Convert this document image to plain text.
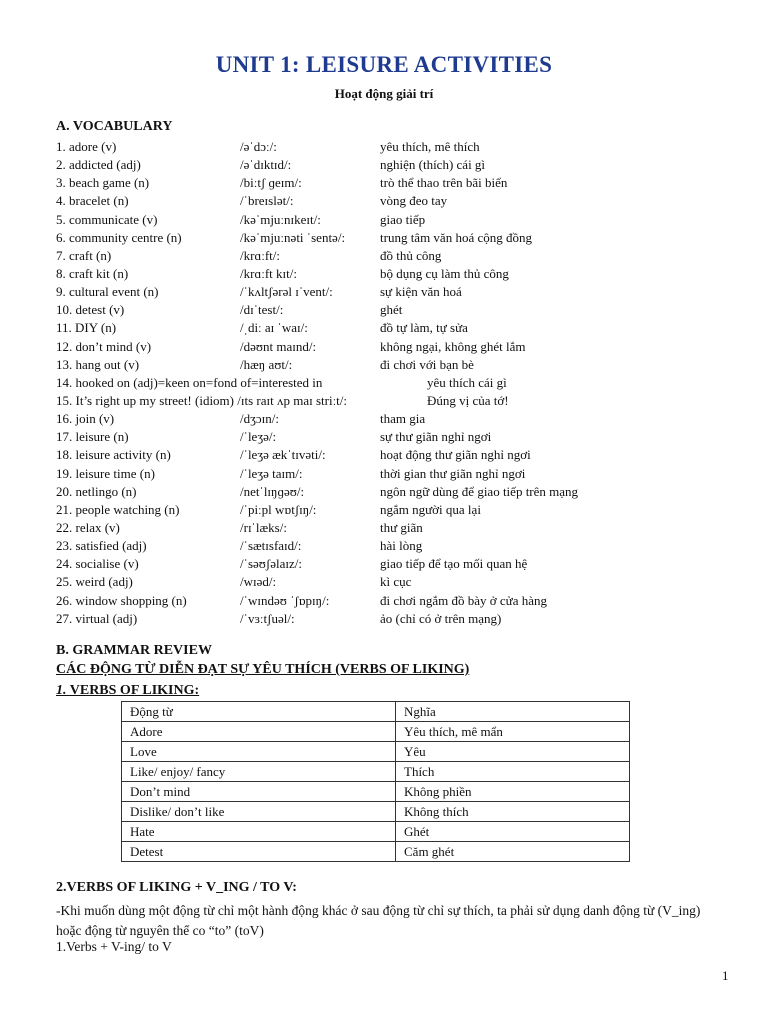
UNIT 1: LEISURE ACTIVITIES
Hoạt động giải trí
A. VOCABULARY
1. adore (v)	/əˈdɔː/:	yêu thích, mê thích
2. addicted (adj)	/əˈdɪktɪd/:	nghiện (thích) cái gì
3. beach game (n)	/biːtʃ ɡeɪm/:	trò thể thao trên bãi biển
4. bracelet (n)	/ˈbreɪslət/:	vòng đeo tay
5. communicate (v)	/kəˈmjuːnɪkeɪt/:	giao tiếp
6. community centre (n)	/kəˈmjuːnəti ˈsentə/:	trung tâm văn hoá cộng đồng
7. craft (n)	/krɑːft/:	đồ thủ công
8. craft kit (n)	/krɑːft kɪt/:	bộ dụng cụ làm thủ công
9. cultural event (n)	/ˈkʌltʃərəl ɪˈvent/:	sự kiện văn hoá
10. detest (v)	/dɪˈtest/:	ghét
11. DIY (n)	/ˌdiː aɪ ˈwaɪ/:	đồ tự làm, tự sửa
12. don’t mind (v)	/dəʊnt maɪnd/:	không ngại, không ghét lắm
13. hang out (v)	/hæŋ aʊt/:	đi chơi với bạn bè
14. hooked on (adj)=keen on=fond of=interested in	yêu thích cái gì
15. It’s right up my street! (idiom) /ɪts raɪt ʌp maɪ striːt/:	Đúng vị của tớ!
16. join (v)	/dʒɔɪn/:	tham gia
17. leisure (n)	/ˈleʒə/:	sự thư giãn nghỉ ngơi
18. leisure activity (n)	/ˈleʒə ækˈtɪvəti/:	hoạt động thư giãn nghỉ ngơi
19. leisure time (n)	/ˈleʒə taɪm/:	thời gian thư giãn nghỉ ngơi
20. netlingo (n)	/netˈlɪŋɡəʊ/:	ngôn ngữ dùng để giao tiếp trên mạng
21. people watching (n)	/ˈpiːpl wɒtʃɪŋ/:	ngắm người qua lại
22. relax (v)	/rɪˈlæks/:	thư giãn
23. satisfied (adj)	/ˈsætɪsfaɪd/:	hài lòng
24. socialise (v)	/ˈsəʊʃəlaɪz/:	giao tiếp để tạo mối quan hệ
25. weird (adj)	/wɪəd/:	kì cục
26. window shopping (n)	/ˈwɪndəʊ ˈʃɒpɪŋ/:	đi chơi ngắm đồ bày ở cửa hàng
27. virtual (adj)	/ˈvɜːtʃuəl/:	ảo (chỉ có ở trên mạng)
B. GRAMMAR REVIEW
CÁC ĐỘNG TỪ DIỄN ĐẠT SỰ YÊU THÍCH (VERBS OF LIKING)
1. VERBS OF LIKING:
Động từ	Nghĩa
Adore	Yêu thích, mê mẩn
Love	Yêu
Like/ enjoy/ fancy	Thích
Don’t mind	Không phiền
Dislike/ don’t like	Không thích
Hate	Ghét
Detest	Căm ghét
2.VERBS OF LIKING + V_ING / TO V:
-Khi muốn dùng một động từ chỉ một hành động khác ở sau động từ chỉ sự thích, ta phải sử dụng danh động từ (V_ing) hoặc động từ nguyên thể co “to” (toV)
1.Verbs + V-ing/ to V
1
